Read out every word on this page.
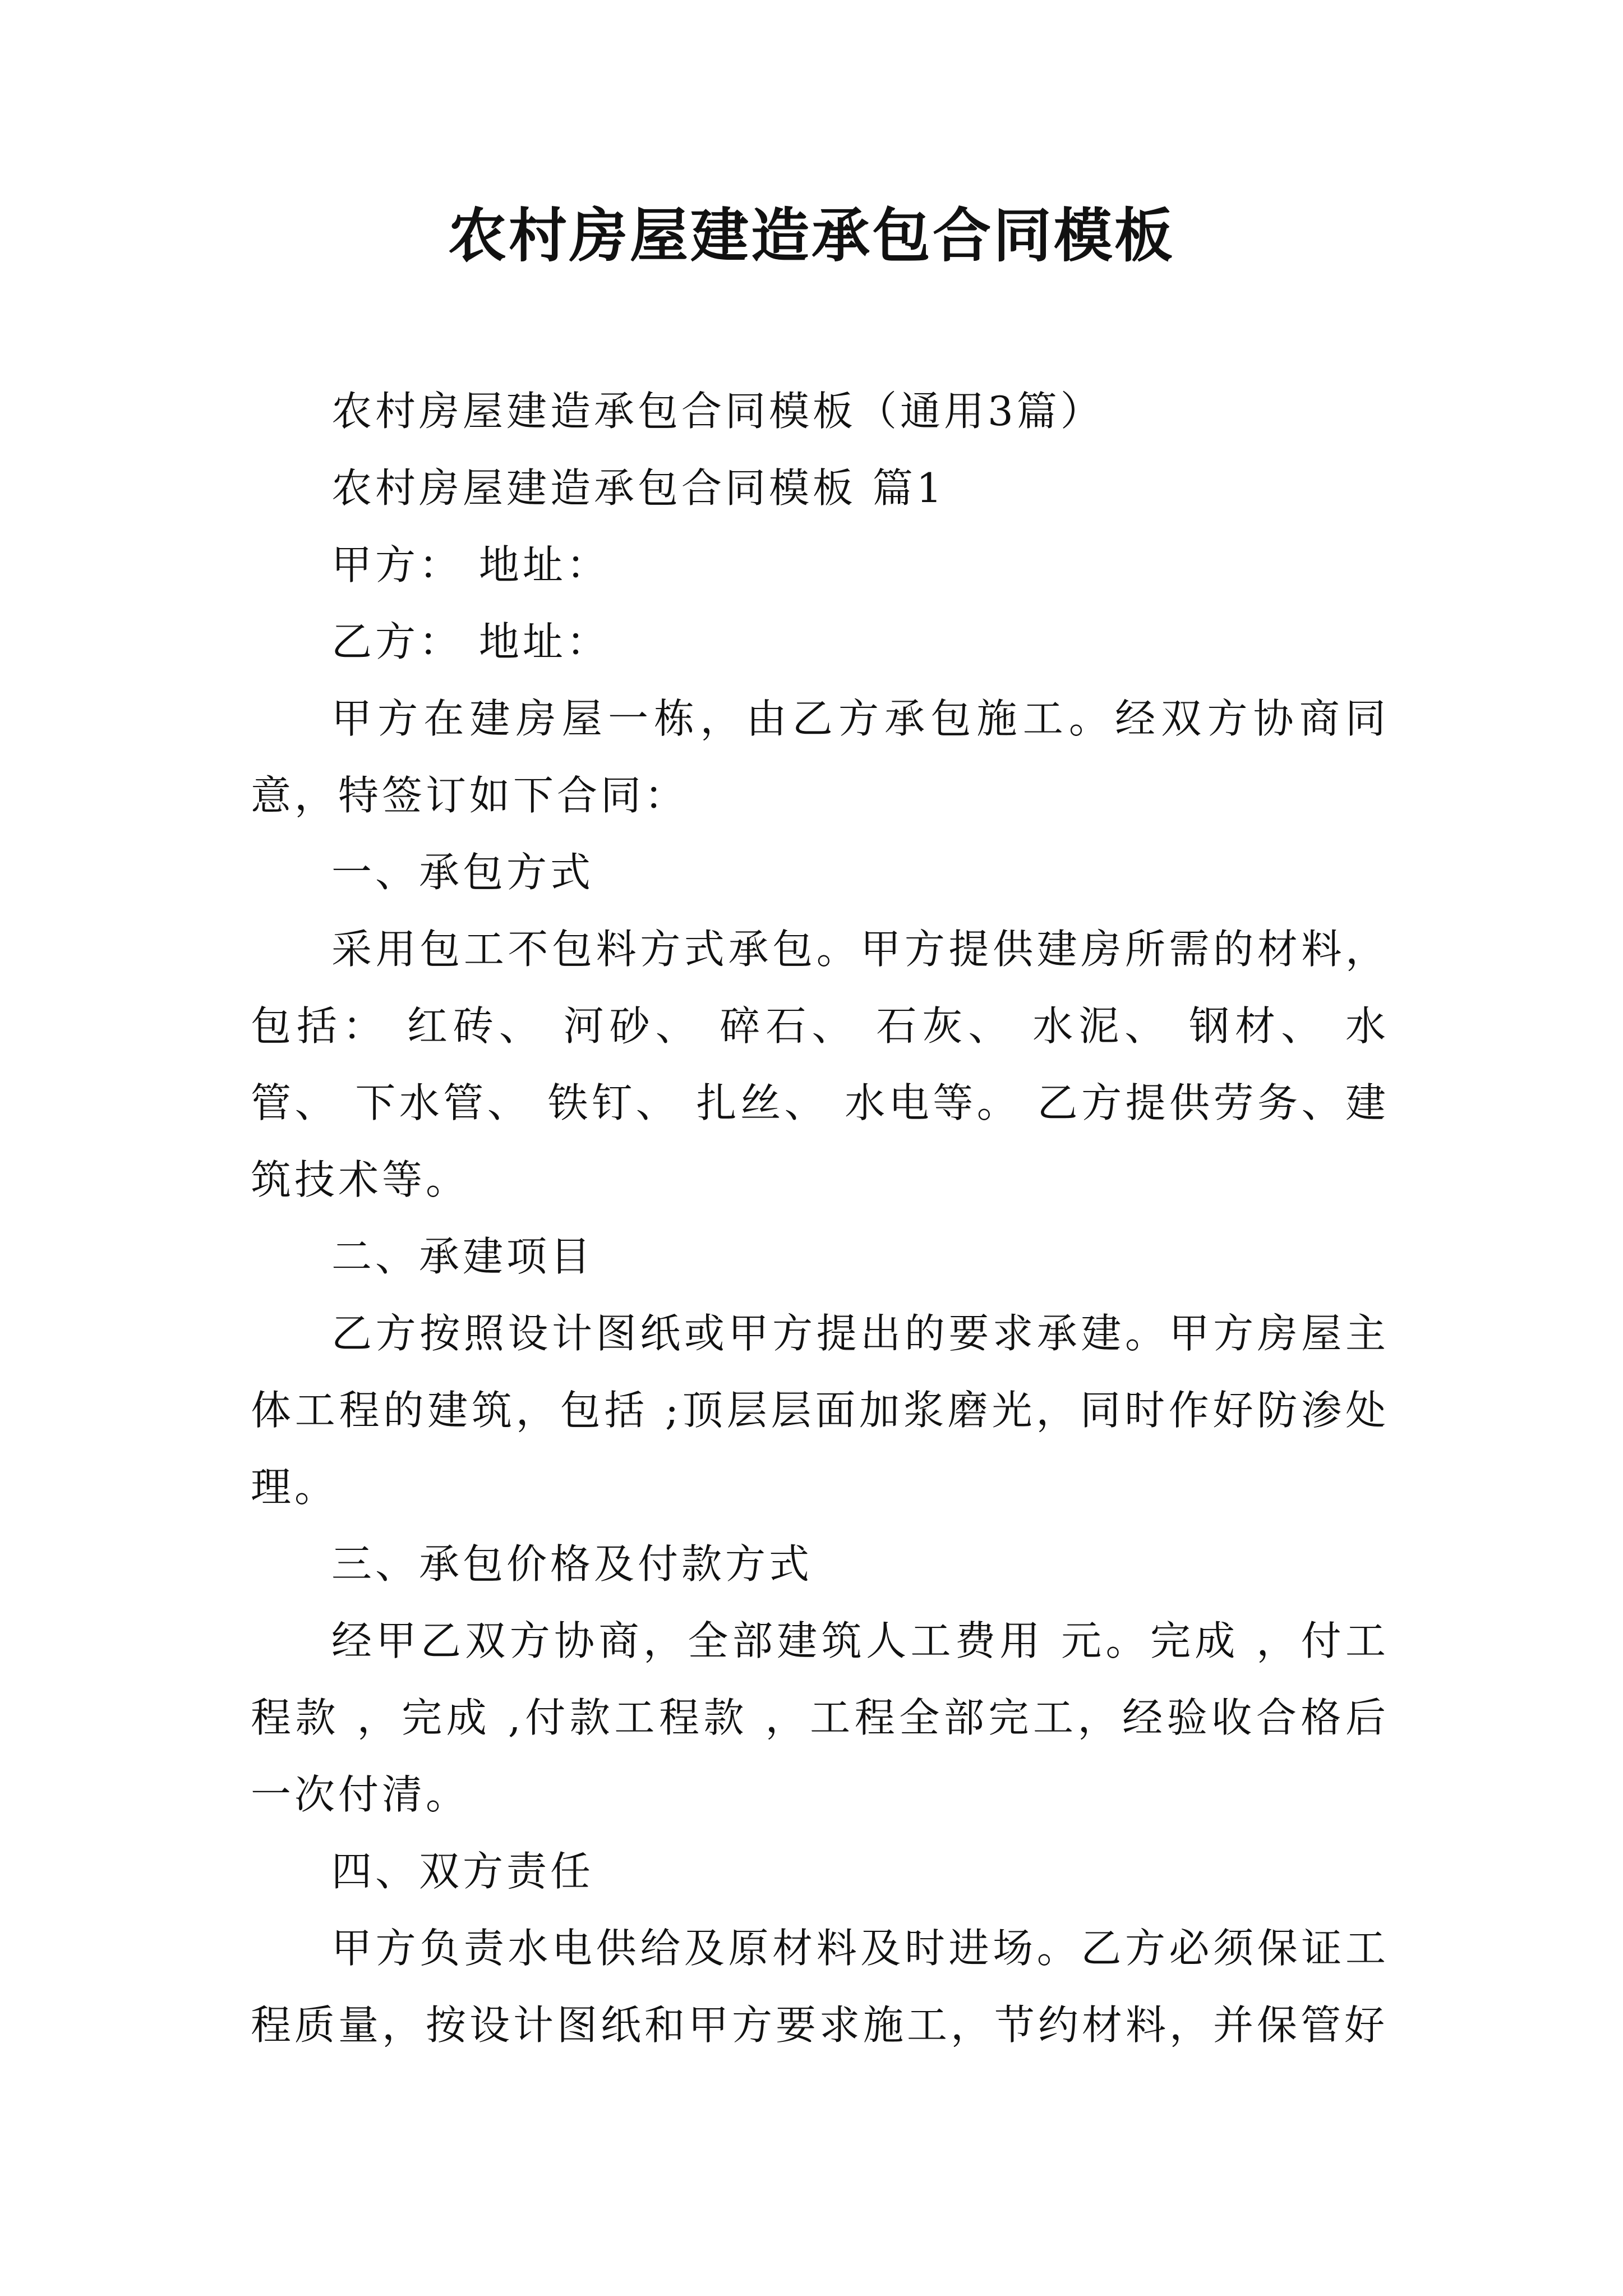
农村房屋建造承包合同模板

农村房屋建造承包合同模板（通用3篇）

农村房屋建造承包合同模板 篇1

甲方： 地址：

乙方： 地址：

甲方在建房屋一栋，由乙方承包施工。经双方协商同意，特签订如下合同：

一、承包方式

采用包工不包料方式承包。甲方提供建房所需的材料，包括： 红砖、 河砂、 碎石、 石灰、 水泥、 钢材、 水管、 下水管、 铁钉、 扎丝、 水电等。 乙方提供劳务、建筑技术等。

二、承建项目

乙方按照设计图纸或甲方提出的要求承建。甲方房屋主体工程的建筑，包括 ;顶层层面加浆磨光，同时作好防渗处理。

三、承包价格及付款方式

经甲乙双方协商，全部建筑人工费用 元。完成 ，付工程款 ，完成 ,付款工程款 ，工程全部完工，经验收合格后一次付清。

四、双方责任

甲方负责水电供给及原材料及时进场。乙方必须保证工程质量，按设计图纸和甲方要求施工，节约材料，并保管好
